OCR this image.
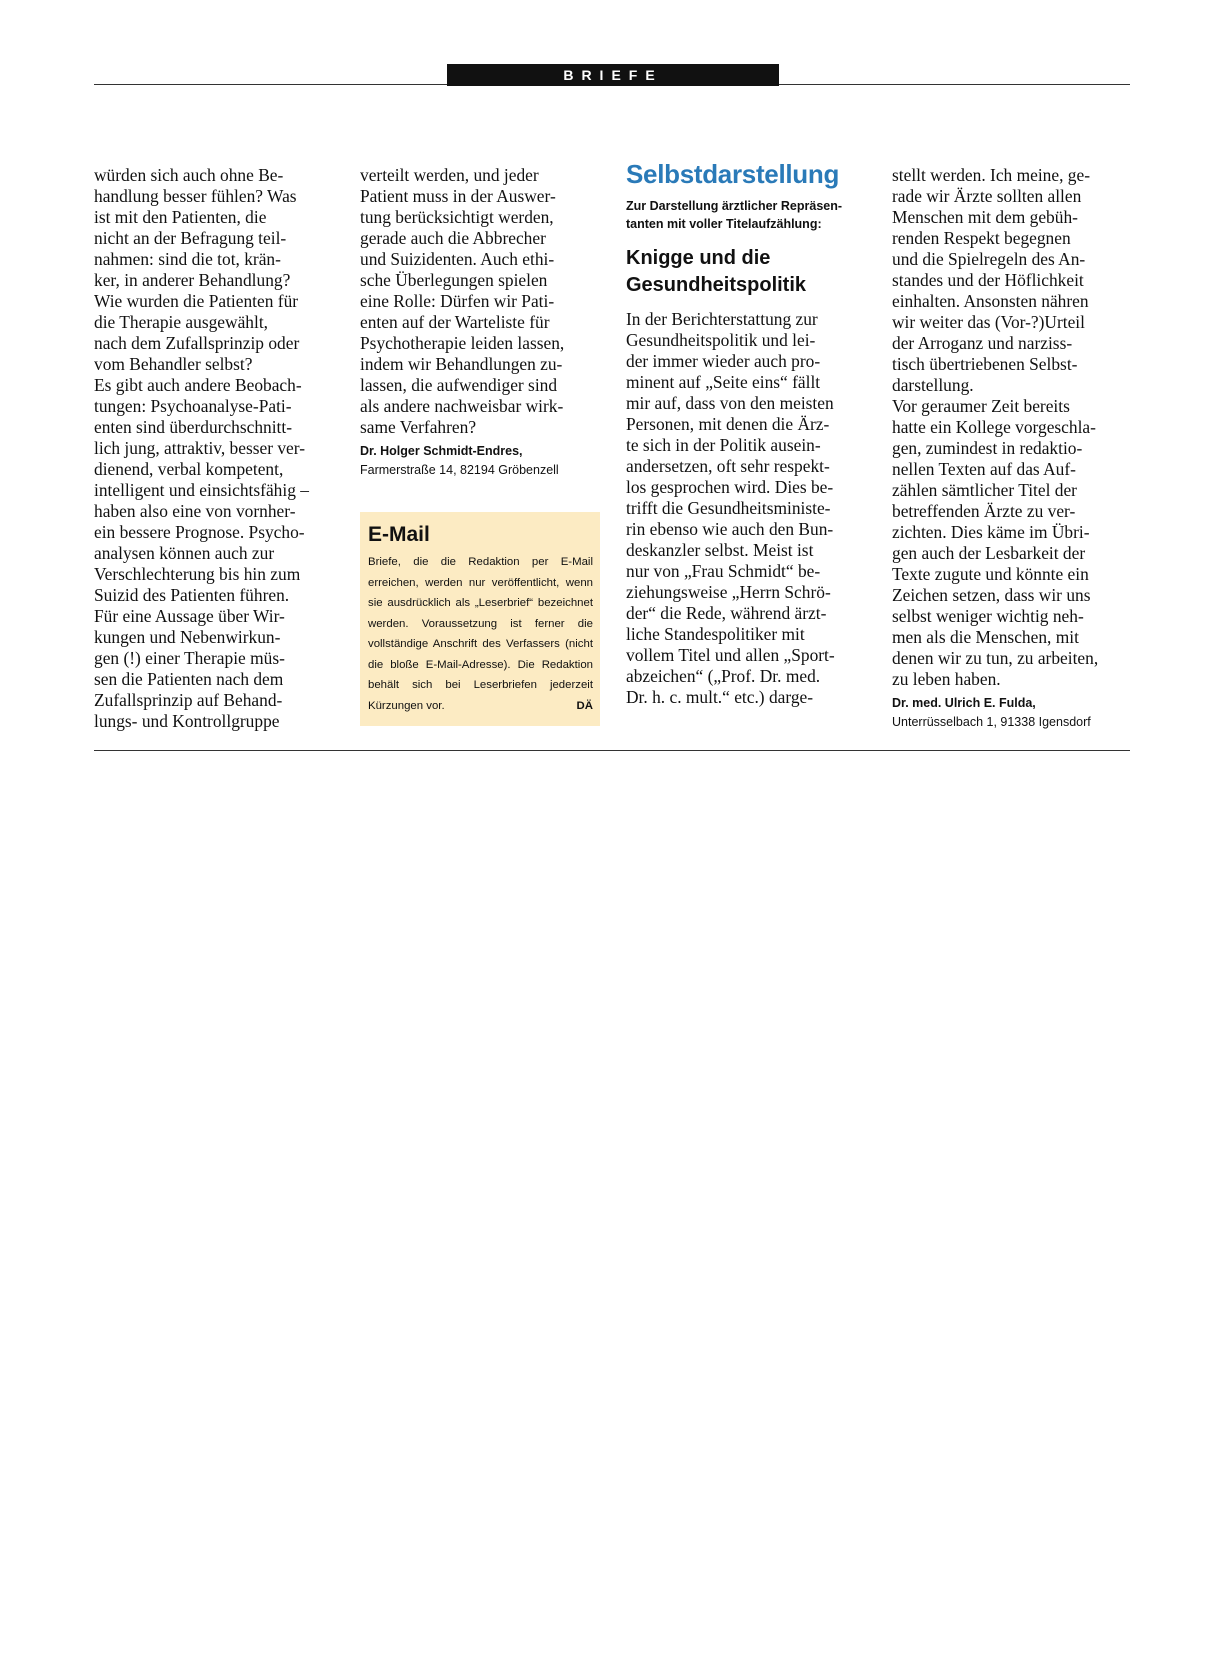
BRIEFE

würden sich auch ohne Be-
handlung besser fühlen? Was
ist mit den Patienten, die
nicht an der Befragung teil-
nahmen: sind die tot, krän-
ker, in anderer Behandlung?
Wie wurden die Patienten für
die Therapie ausgewählt,
nach dem Zufallsprinzip oder
vom Behandler selbst?
Es gibt auch andere Beobach-
tungen: Psychoanalyse-Pati-
enten sind überdurchschnitt-
lich jung, attraktiv, besser ver-
dienend, verbal kompetent,
intelligent und einsichtsfähig –
haben also eine von vornher-
ein bessere Prognose. Psycho-
analysen können auch zur
Verschlechterung bis hin zum
Suizid des Patienten führen.
Für eine Aussage über Wir-
kungen und Nebenwirkun-
gen (!) einer Therapie müs-
sen die Patienten nach dem
Zufallsprinzip auf Behand-
lungs- und Kontrollgruppe

verteilt werden, und jeder
Patient muss in der Auswer-
tung berücksichtigt werden,
gerade auch die Abbrecher
und Suizidenten. Auch ethi-
sche Überlegungen spielen
eine Rolle: Dürfen wir Pati-
enten auf der Warteliste für
Psychotherapie leiden lassen,
indem wir Behandlungen zu-
lassen, die aufwendiger sind
als andere nachweisbar wirk-
same Verfahren?

Dr. Holger Schmidt-Endres,
Farmerstraße 14, 82194 Gröbenzell
E-Mail
Briefe, die die Redaktion per E-Mail erreichen, werden nur veröffentlicht, wenn sie ausdrücklich als „Leserbrief“ bezeichnet werden. Voraussetzung ist ferner die vollständige Anschrift des Verfassers (nicht die bloße E-Mail-Adresse). Die Redaktion behält sich bei Leserbriefen jederzeit Kürzungen vor.	DÄ
Selbstdarstellung
Zur Darstellung ärztlicher Repräsen-
tanten mit voller Titelaufzählung:
Knigge und die
Gesundheitspolitik

In der Berichterstattung zur
Gesundheitspolitik und lei-
der immer wieder auch pro-
minent auf „Seite eins“ fällt
mir auf, dass von den meisten
Personen, mit denen die Ärz-
te sich in der Politik ausein-
andersetzen, oft sehr respekt-
los gesprochen wird. Dies be-
trifft die Gesundheitsministe-
rin ebenso wie auch den Bun-
deskanzler selbst. Meist ist
nur von „Frau Schmidt“ be-
ziehungsweise „Herrn Schrö-
der“ die Rede, während ärzt-
liche Standespolitiker mit
vollem Titel und allen „Sport-
abzeichen“ („Prof. Dr. med.
Dr. h. c. mult.“ etc.) darge-

stellt werden. Ich meine, ge-
rade wir Ärzte sollten allen
Menschen mit dem gebüh-
renden Respekt begegnen
und die Spielregeln des An-
standes und der Höflichkeit
einhalten. Ansonsten nähren
wir weiter das (Vor-?)Urteil
der Arroganz und narziss-
tisch übertriebenen Selbst-
darstellung.
Vor geraumer Zeit bereits
hatte ein Kollege vorgeschla-
gen, zumindest in redaktio-
nellen Texten auf das Auf-
zählen sämtlicher Titel der
betreffenden Ärzte zu ver-
zichten. Dies käme im Übri-
gen auch der Lesbarkeit der
Texte zugute und könnte ein
Zeichen setzen, dass wir uns
selbst weniger wichtig neh-
men als die Menschen, mit
denen wir zu tun, zu arbeiten,
zu leben haben.

Dr. med. Ulrich E. Fulda,
Unterrüsselbach 1, 91338 Igensdorf
